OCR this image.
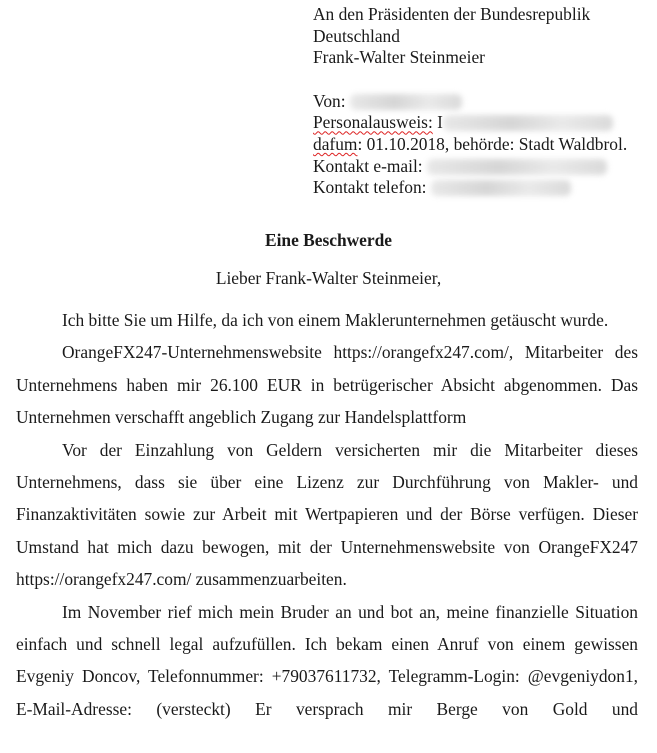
An den Präsidenten der Bundesrepublik
Deutschland
Frank-Walter Steinmeier
Von:
Personalausweis: I
dafum: 01.10.2018, behörde: Stadt Waldbrol.
Kontakt e-mail:
Kontakt telefon:
Eine Beschwerde
Lieber Frank-Walter Steinmeier,

Ich bitte Sie um Hilfe, da ich von einem Maklerunternehmen getäuscht wurde.

OrangeFX247-Unternehmenswebsite https://orangefx247.com/, Mitarbeiter des Unternehmens haben mir 26.100 EUR in betrügerischer Absicht abgenommen. Das Unternehmen verschafft angeblich Zugang zur Handelsplattform

Vor der Einzahlung von Geldern versicherten mir die Mitarbeiter dieses Unternehmens, dass sie über eine Lizenz zur Durchführung von Makler- und Finanzaktivitäten sowie zur Arbeit mit Wertpapieren und der Börse verfügen. Dieser Umstand hat mich dazu bewogen, mit der Unternehmenswebsite von OrangeFX247 https://orangefx247.com/ zusammenzuarbeiten.

Im November rief mich mein Bruder an und bot an, meine finanzielle Situation einfach und schnell legal aufzufüllen. Ich bekam einen Anruf von einem gewissen Evgeniy Doncov, Telefonnummer: +79037611732, Telegramm-Login: @evgeniydon1, E-Mail-Adresse: (versteckt) Er versprach mir Berge von Gold und
